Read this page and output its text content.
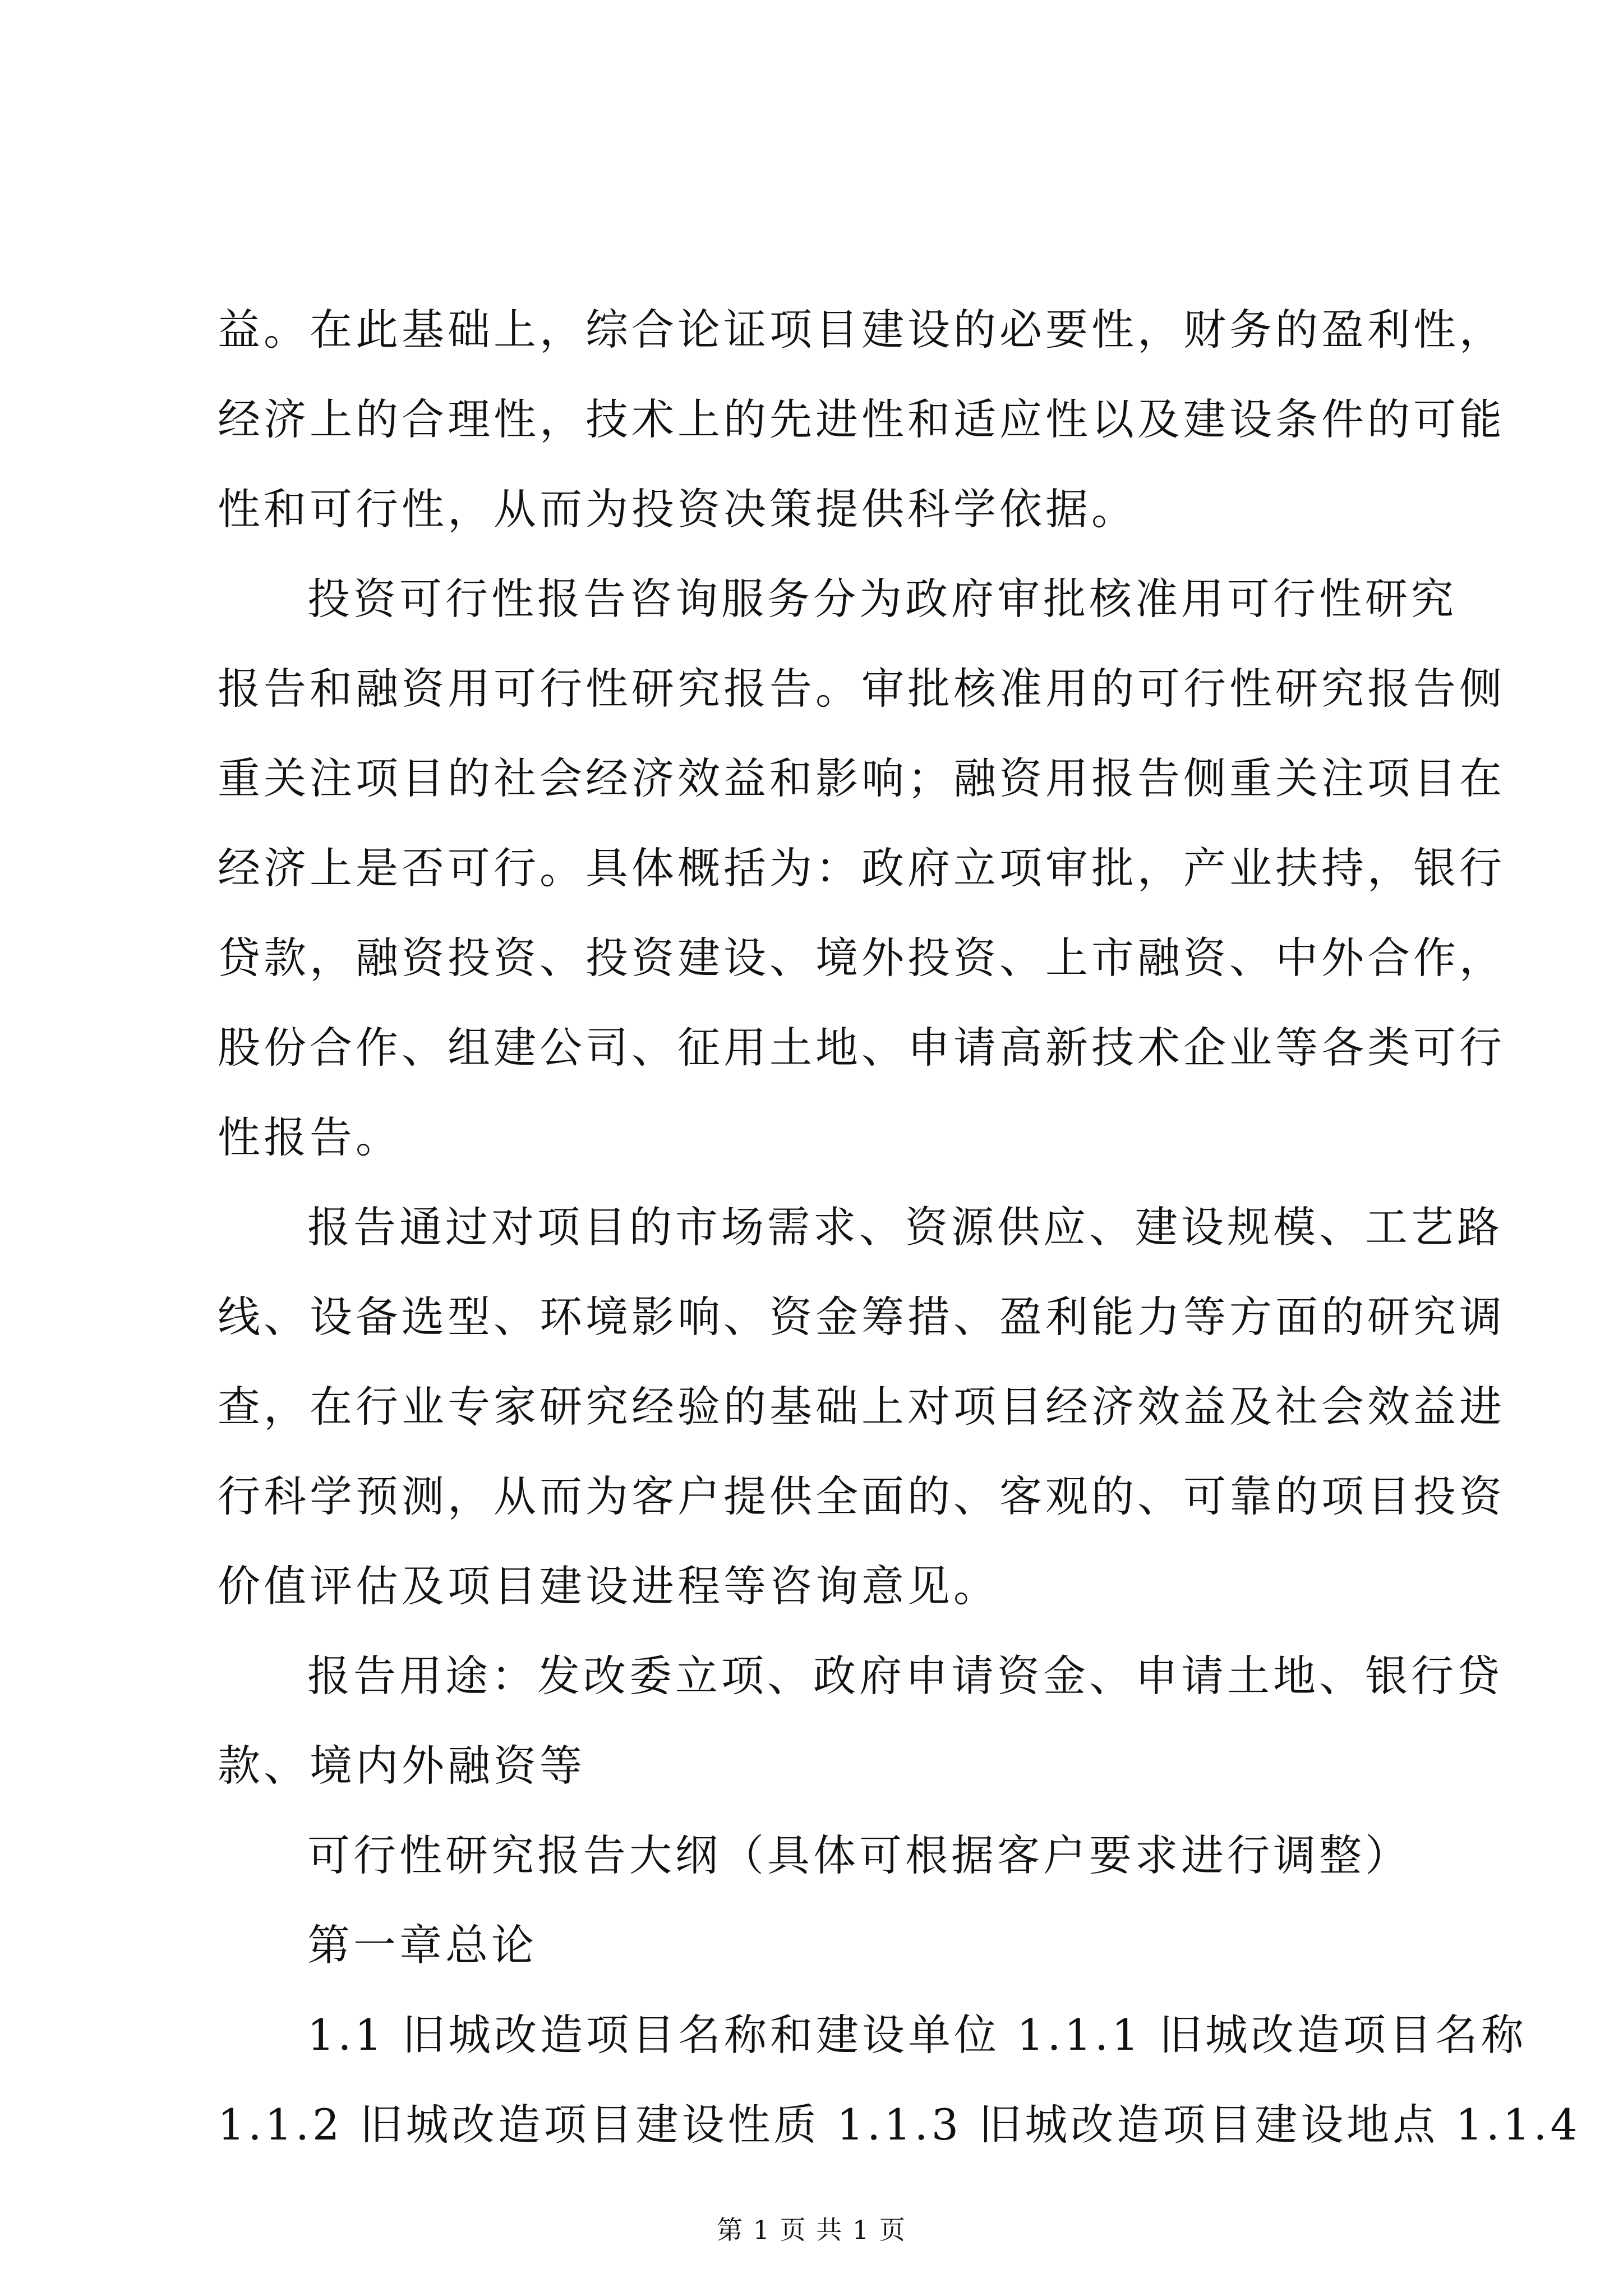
益。在此基础上，综合论证项目建设的必要性，财务的盈利性，
经济上的合理性，技术上的先进性和适应性以及建设条件的可能
性和可行性，从而为投资决策提供科学依据。
投资可行性报告咨询服务分为政府审批核准用可行性研究
报告和融资用可行性研究报告。审批核准用的可行性研究报告侧
重关注项目的社会经济效益和影响；融资用报告侧重关注项目在
经济上是否可行。具体概括为：政府立项审批，产业扶持，银行
贷款，融资投资、投资建设、境外投资、上市融资、中外合作，
股份合作、组建公司、征用土地、申请高新技术企业等各类可行
性报告。
报告通过对项目的市场需求、资源供应、建设规模、工艺路
线、设备选型、环境影响、资金筹措、盈利能力等方面的研究调
查，在行业专家研究经验的基础上对项目经济效益及社会效益进
行科学预测，从而为客户提供全面的、客观的、可靠的项目投资
价值评估及项目建设进程等咨询意见。
报告用途：发改委立项、政府申请资金、申请土地、银行贷
款、境内外融资等
可行性研究报告大纲（具体可根据客户要求进行调整）
第一章总论
1.1 旧城改造项目名称和建设单位 1.1.1 旧城改造项目名称
1.1.2 旧城改造项目建设性质 1.1.3 旧城改造项目建设地点 1.1.4
第 1 页 共 1 页
